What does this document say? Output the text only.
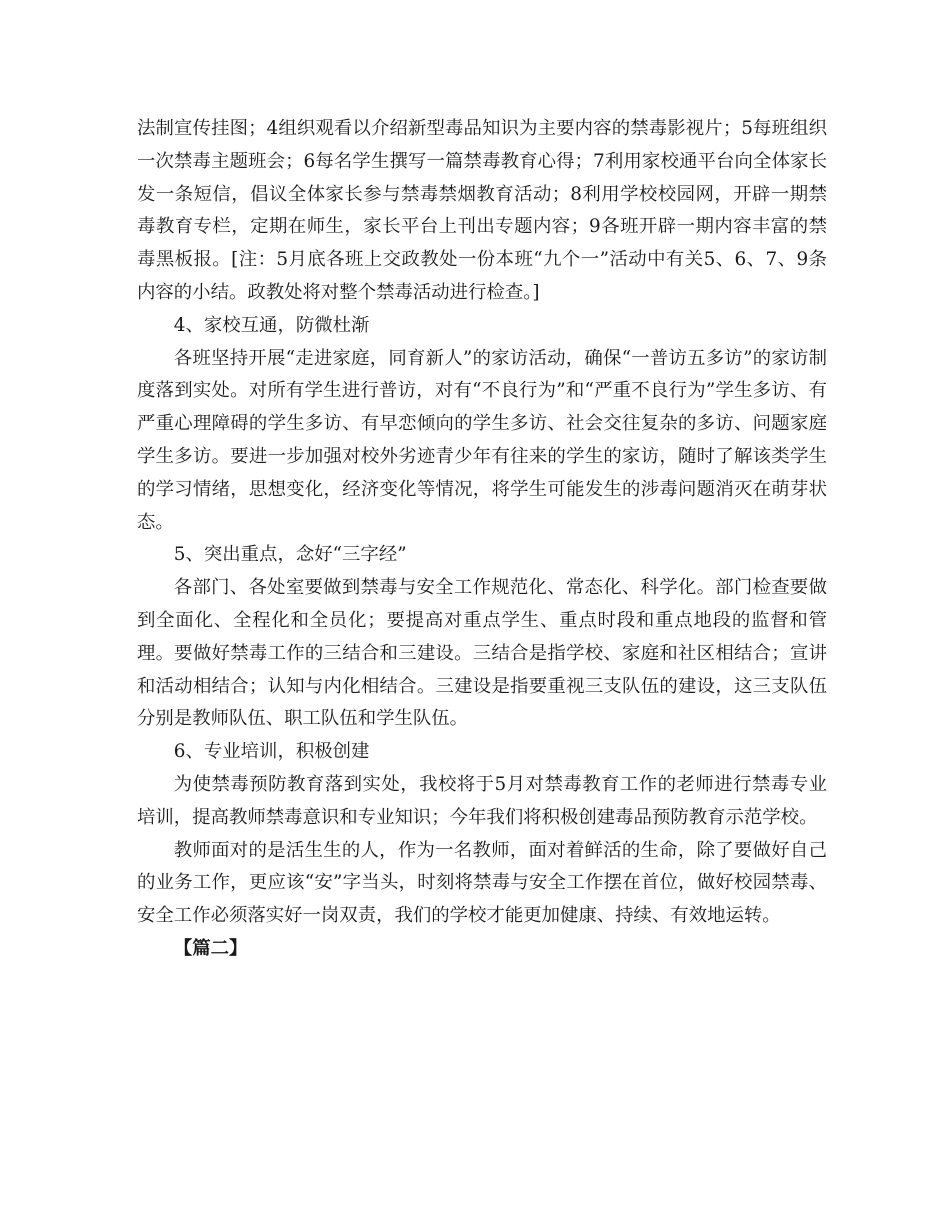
法制宣传挂图；4组织观看以介绍新型毒品知识为主要内容的禁毒影视片；5每班组织一次禁毒主题班会；6每名学生撰写一篇禁毒教育心得；7利用家校通平台向全体家长发一条短信，倡议全体家长参与禁毒禁烟教育活动；8利用学校校园网，开辟一期禁毒教育专栏，定期在师生，家长平台上刊出专题内容；9各班开辟一期内容丰富的禁毒黑板报。[注：5月底各班上交政教处一份本班“九个一”活动中有关5、6、7、9条内容的小结。政教处将对整个禁毒活动进行检查。]

4、家校互通，防微杜渐

各班坚持开展“走进家庭，同育新人”的家访活动，确保“一普访五多访”的家访制度落到实处。对所有学生进行普访，对有“不良行为”和“严重不良行为”学生多访、有严重心理障碍的学生多访、有早恋倾向的学生多访、社会交往复杂的多访、问题家庭学生多访。要进一步加强对校外劣迹青少年有往来的学生的家访，随时了解该类学生的学习情绪，思想变化，经济变化等情况，将学生可能发生的涉毒问题消灭在萌芽状态。

5、突出重点，念好“三字经”

各部门、各处室要做到禁毒与安全工作规范化、常态化、科学化。部门检查要做到全面化、全程化和全员化；要提高对重点学生、重点时段和重点地段的监督和管理。要做好禁毒工作的三结合和三建设。三结合是指学校、家庭和社区相结合；宣讲和活动相结合；认知与内化相结合。三建设是指要重视三支队伍的建设，这三支队伍分别是教师队伍、职工队伍和学生队伍。

6、专业培训，积极创建

为使禁毒预防教育落到实处，我校将于5月对禁毒教育工作的老师进行禁毒专业培训，提高教师禁毒意识和专业知识；今年我们将积极创建毒品预防教育示范学校。

教师面对的是活生生的人，作为一名教师，面对着鲜活的生命，除了要做好自己的业务工作，更应该“安”字当头，时刻将禁毒与安全工作摆在首位，做好校园禁毒、安全工作必须落实好一岗双责，我们的学校才能更加健康、持续、有效地运转。

【篇二】
